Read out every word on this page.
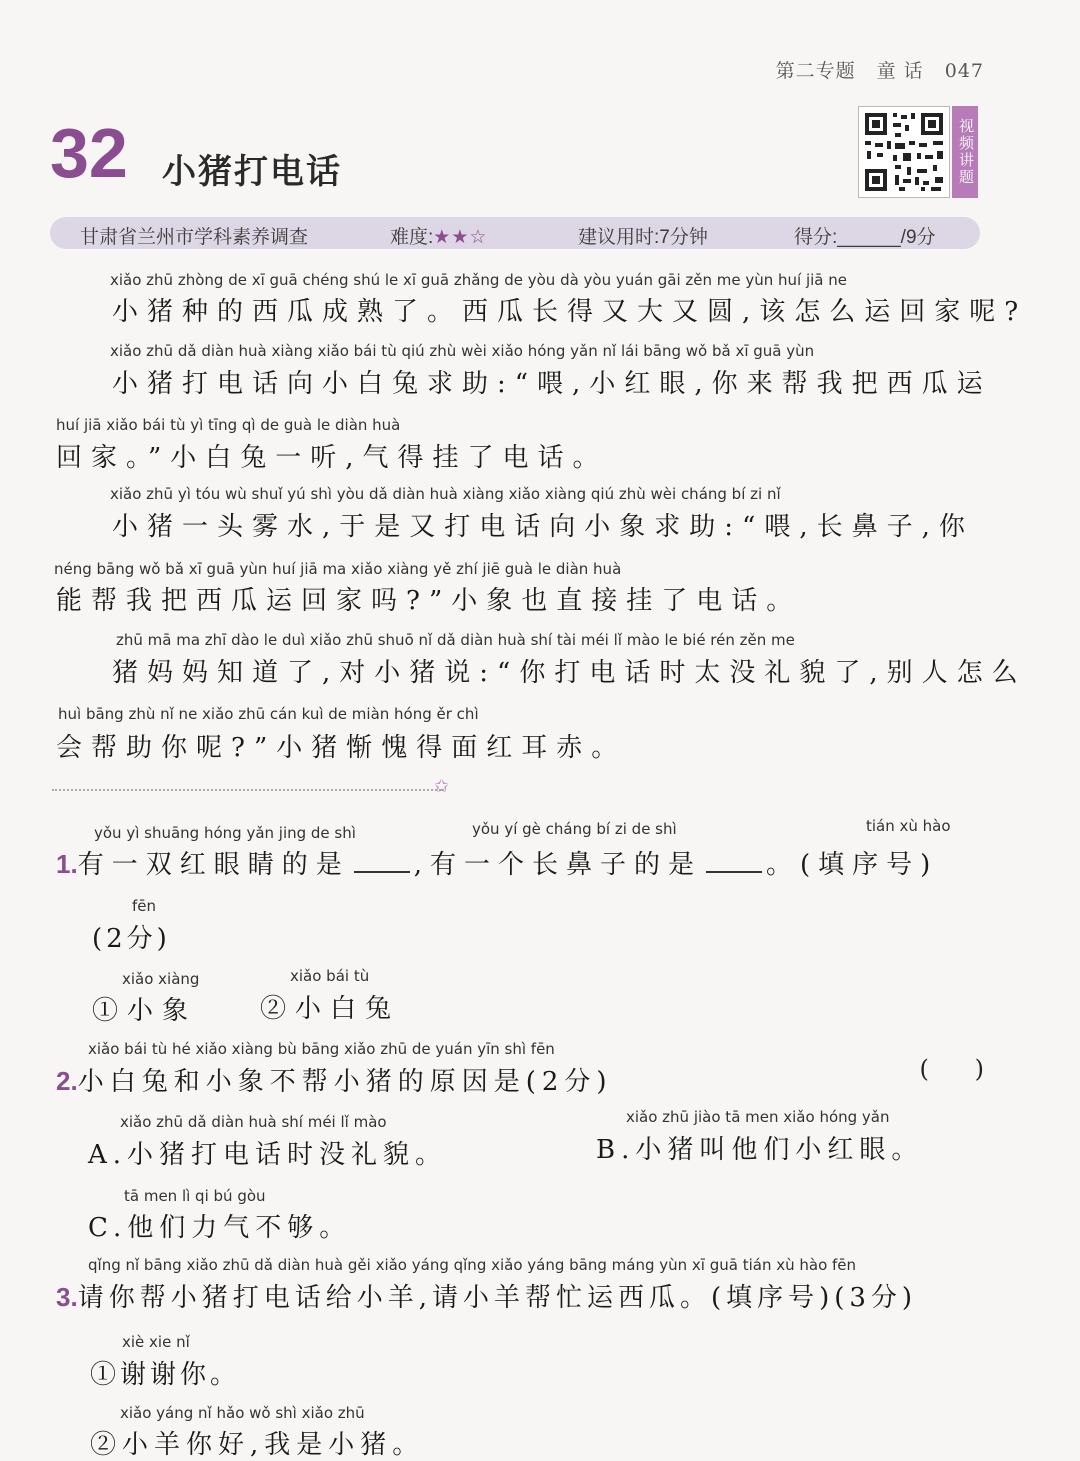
第二专题 童 话 047
32 小猪打电话	视频讲题
甘肃省兰州市学科素养调查	难度:★★☆	建议用时:7分钟	得分:______/9分
xiǎo zhū zhòng de xī guā chéng shú le xī guā zhǎng de yòu dà yòu yuán gāi zěn me yùn huí jiā ne
小猪种的西瓜成熟了。西瓜长得又大又圆,该怎么运回家呢?
xiǎo zhū dǎ diàn huà xiàng xiǎo bái tù qiú zhù wèi xiǎo hóng yǎn nǐ lái bāng wǒ bǎ xī guā yùn
小猪打电话向小白兔求助:“喂,小红眼,你来帮我把西瓜运
huí jiā xiǎo bái tù yì tīng qì de guà le diàn huà
回家。”小白兔一听,气得挂了电话。
xiǎo zhū yì tóu wù shuǐ yú shì yòu dǎ diàn huà xiàng xiǎo xiàng qiú zhù wèi cháng bí zi nǐ
小猪一头雾水,于是又打电话向小象求助:“喂,长鼻子,你
néng bāng wǒ bǎ xī guā yùn huí jiā ma xiǎo xiàng yě zhí jiē guà le diàn huà
能帮我把西瓜运回家吗?”小象也直接挂了电话。
zhū mā ma zhī dào le duì xiǎo zhū shuō nǐ dǎ diàn huà shí tài méi lǐ mào le bié rén zěn me
猪妈妈知道了,对小猪说:“你打电话时太没礼貌了,别人怎么
huì bāng zhù nǐ ne xiǎo zhū cán kuì de miàn hóng ěr chì
会帮助你呢?”小猪惭愧得面红耳赤。
✩
yǒu yì shuāng hóng yǎn jing de shì	yǒu yí gè cháng bí zi de shì	tián xù hào
1.有一双红眼睛的是 ,有一个长鼻子的是 。(填序号)
fēn
(2分)
xiǎo xiàng	xiǎo bái tù
①小象 ②小白兔
xiǎo bái tù hé xiǎo xiàng bù bāng xiǎo zhū de yuán yīn shì fēn
2.小白兔和小象不帮小猪的原因是(2分)	(      )
xiǎo zhū dǎ diàn huà shí méi lǐ mào
A.小猪打电话时没礼貌。
xiǎo zhū jiào tā men xiǎo hóng yǎn
B.小猪叫他们小红眼。
tā men lì qi bú gòu
C.他们力气不够。
qǐng nǐ bāng xiǎo zhū dǎ diàn huà gěi xiǎo yáng qǐng xiǎo yáng bāng máng yùn xī guā tián xù hào fēn
3.请你帮小猪打电话给小羊,请小羊帮忙运西瓜。(填序号)(3分)
xiè xie nǐ
①谢谢你。
xiǎo yáng nǐ hǎo wǒ shì xiǎo zhū
②小羊你好,我是小猪。
